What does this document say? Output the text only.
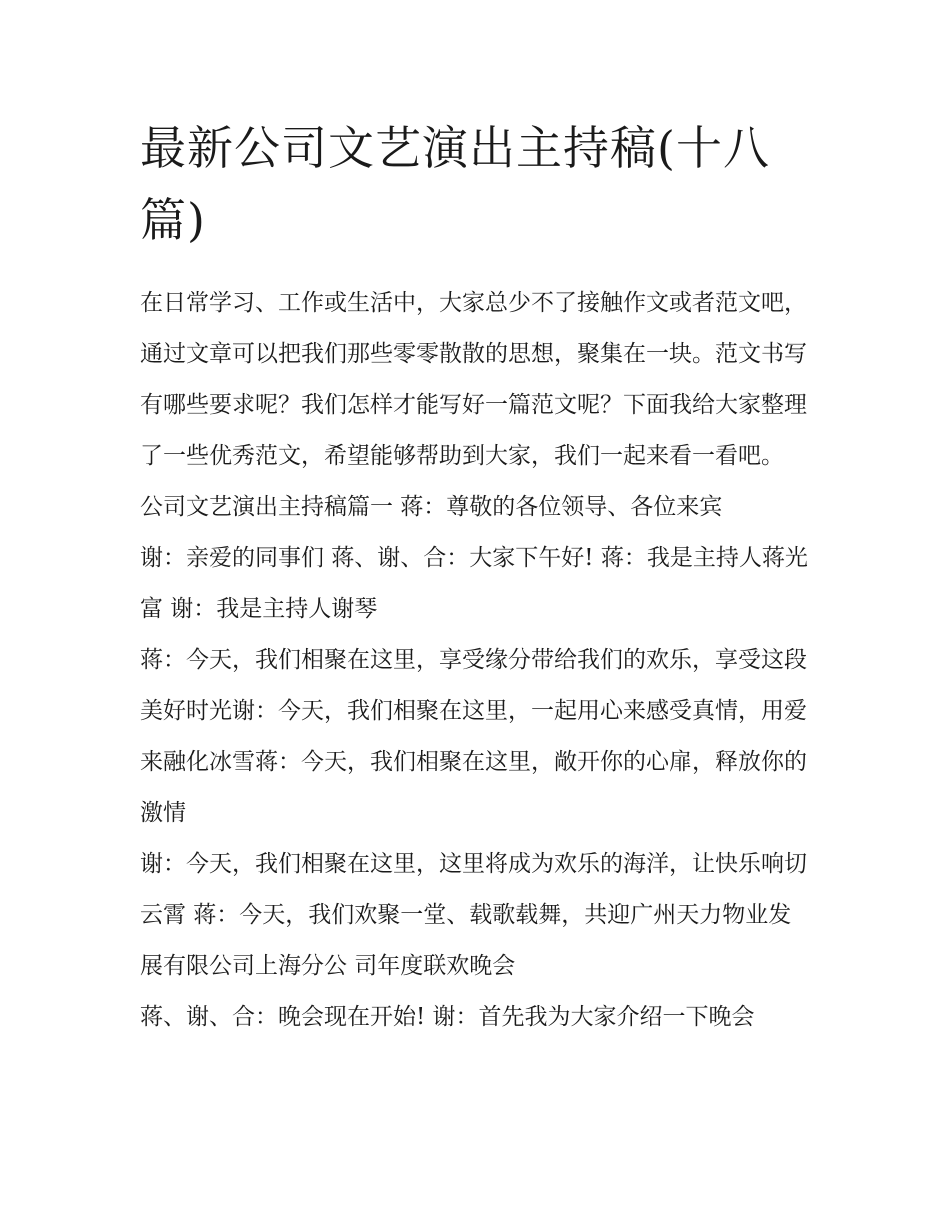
最新公司文艺演出主持稿(十八篇)

在日常学习、工作或生活中，大家总少不了接触作文或者范文吧，通过文章可以把我们那些零零散散的思想，聚集在一块。范文书写有哪些要求呢？我们怎样才能写好一篇范文呢？下面我给大家整理了一些优秀范文，希望能够帮助到大家，我们一起来看一看吧。

公司文艺演出主持稿篇一 蒋：尊敬的各位领导、各位来宾

谢：亲爱的同事们 蒋、谢、合：大家下午好! 蒋：我是主持人蒋光富 谢：我是主持人谢琴

蒋：今天，我们相聚在这里，享受缘分带给我们的欢乐，享受这段美好时光谢：今天，我们相聚在这里，一起用心来感受真情，用爱来融化冰雪蒋：今天，我们相聚在这里，敞开你的心扉，释放你的激情

谢：今天，我们相聚在这里，这里将成为欢乐的海洋，让快乐响切云霄 蒋：今天，我们欢聚一堂、载歌载舞，共迎广州天力物业发展有限公司上海分公 司年度联欢晚会

蒋、谢、合：晚会现在开始! 谢：首先我为大家介绍一下晚会
